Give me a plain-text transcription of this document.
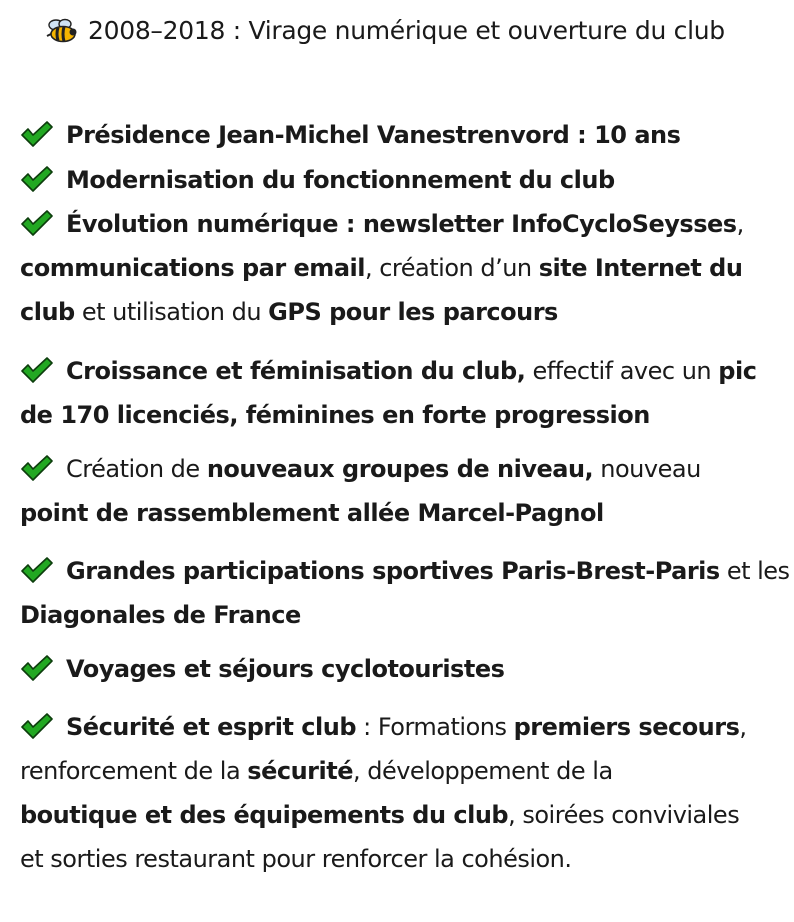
2008–2018 : Virage numérique et ouverture du club
Présidence Jean-Michel Vanestrenvord : 10 ans
Modernisation du fonctionnement du club
Évolution numérique : newsletter InfoCycloSeysses,
communications par email, création d’un site Internet du
club et utilisation du GPS pour les parcours
Croissance et féminisation du club, effectif avec un pic
de 170 licenciés, féminines en forte progression
Création de nouveaux groupes de niveau, nouveau
point de rassemblement allée Marcel-Pagnol
Grandes participations sportives Paris-Brest-Paris et les
Diagonales de France
Voyages et séjours cyclotouristes
Sécurité et esprit club : Formations premiers secours,
renforcement de la sécurité, développement de la
boutique et des équipements du club, soirées conviviales
et sorties restaurant pour renforcer la cohésion.
